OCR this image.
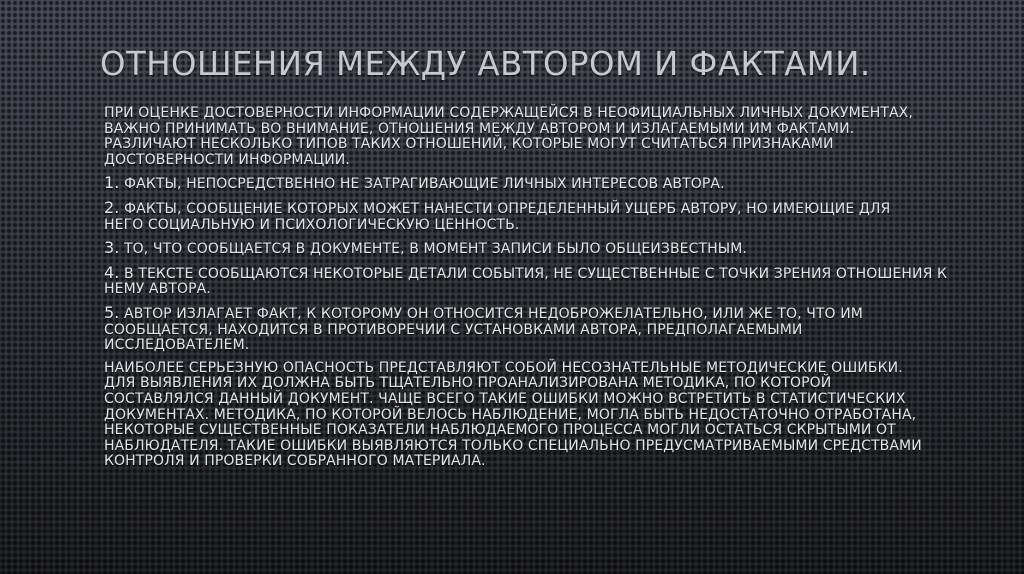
ОТНОШЕНИЯ МЕЖДУ АВТОРОМ И ФАКТАМИ.

ПРИ ОЦЕНКЕ ДОСТОВЕРНОСТИ ИНФОРМАЦИИ СОДЕРЖАЩЕЙСЯ В НЕОФИЦИАЛЬНЫХ ЛИЧНЫХ ДОКУМЕНТАХ,
ВАЖНО ПРИНИМАТЬ ВО ВНИМАНИЕ, ОТНОШЕНИЯ МЕЖДУ АВТОРОМ И ИЗЛАГАЕМЫМИ ИМ ФАКТАМИ.
РАЗЛИЧАЮТ НЕСКОЛЬКО ТИПОВ ТАКИХ ОТНОШЕНИЙ, КОТОРЫЕ МОГУТ СЧИТАТЬСЯ ПРИЗНАКАМИ
ДОСТОВЕРНОСТИ ИНФОРМАЦИИ.

1. ФАКТЫ, НЕПОСРЕДСТВЕННО НЕ ЗАТРАГИВАЮЩИЕ ЛИЧНЫХ ИНТЕРЕСОВ АВТОРА.

2. ФАКТЫ, СООБЩЕНИЕ КОТОРЫХ МОЖЕТ НАНЕСТИ ОПРЕДЕЛЕННЫЙ УЩЕРБ АВТОРУ, НО ИМЕЮЩИЕ ДЛЯ
НЕГО СОЦИАЛЬНУЮ И ПСИХОЛОГИЧЕСКУЮ ЦЕННОСТЬ.

3. ТО, ЧТО СООБЩАЕТСЯ В ДОКУМЕНТЕ, В МОМЕНТ ЗАПИСИ БЫЛО ОБЩЕИЗВЕСТНЫМ.

4. В ТЕКСТЕ СООБЩАЮТСЯ НЕКОТОРЫЕ ДЕТАЛИ СОБЫТИЯ, НЕ СУЩЕСТВЕННЫЕ С ТОЧКИ ЗРЕНИЯ ОТНОШЕНИЯ К
НЕМУ АВТОРА.

5. АВТОР ИЗЛАГАЕТ ФАКТ, К КОТОРОМУ ОН ОТНОСИТСЯ НЕДОБРОЖЕЛАТЕЛЬНО, ИЛИ ЖЕ ТО, ЧТО ИМ
СООБЩАЕТСЯ, НАХОДИТСЯ В ПРОТИВОРЕЧИИ С УСТАНОВКАМИ АВТОРА, ПРЕДПОЛАГАЕМЫМИ
ИССЛЕДОВАТЕЛЕМ.

НАИБОЛЕЕ СЕРЬЕЗНУЮ ОПАСНОСТЬ ПРЕДСТАВЛЯЮТ СОБОЙ НЕСОЗНАТЕЛЬНЫЕ МЕТОДИЧЕСКИЕ ОШИБКИ.
ДЛЯ ВЫЯВЛЕНИЯ ИХ ДОЛЖНА БЫТЬ ТЩАТЕЛЬНО ПРОАНАЛИЗИРОВАНА МЕТОДИКА, ПО КОТОРОЙ
СОСТАВЛЯЛСЯ ДАННЫЙ ДОКУМЕНТ. ЧАЩЕ ВСЕГО ТАКИЕ ОШИБКИ МОЖНО ВСТРЕТИТЬ В СТАТИСТИЧЕСКИХ
ДОКУМЕНТАХ. МЕТОДИКА, ПО КОТОРОЙ ВЕЛОСЬ НАБЛЮДЕНИЕ, МОГЛА БЫТЬ НЕДОСТАТОЧНО ОТРАБОТАНА,
НЕКОТОРЫЕ СУЩЕСТВЕННЫЕ ПОКАЗАТЕЛИ НАБЛЮДАЕМОГО ПРОЦЕССА МОГЛИ ОСТАТЬСЯ СКРЫТЫМИ ОТ
НАБЛЮДАТЕЛЯ. ТАКИЕ ОШИБКИ ВЫЯВЛЯЮТСЯ ТОЛЬКО СПЕЦИАЛЬНО ПРЕДУСМАТРИВАЕМЫМИ СРЕДСТВАМИ
КОНТРОЛЯ И ПРОВЕРКИ СОБРАННОГО МАТЕРИАЛА.
